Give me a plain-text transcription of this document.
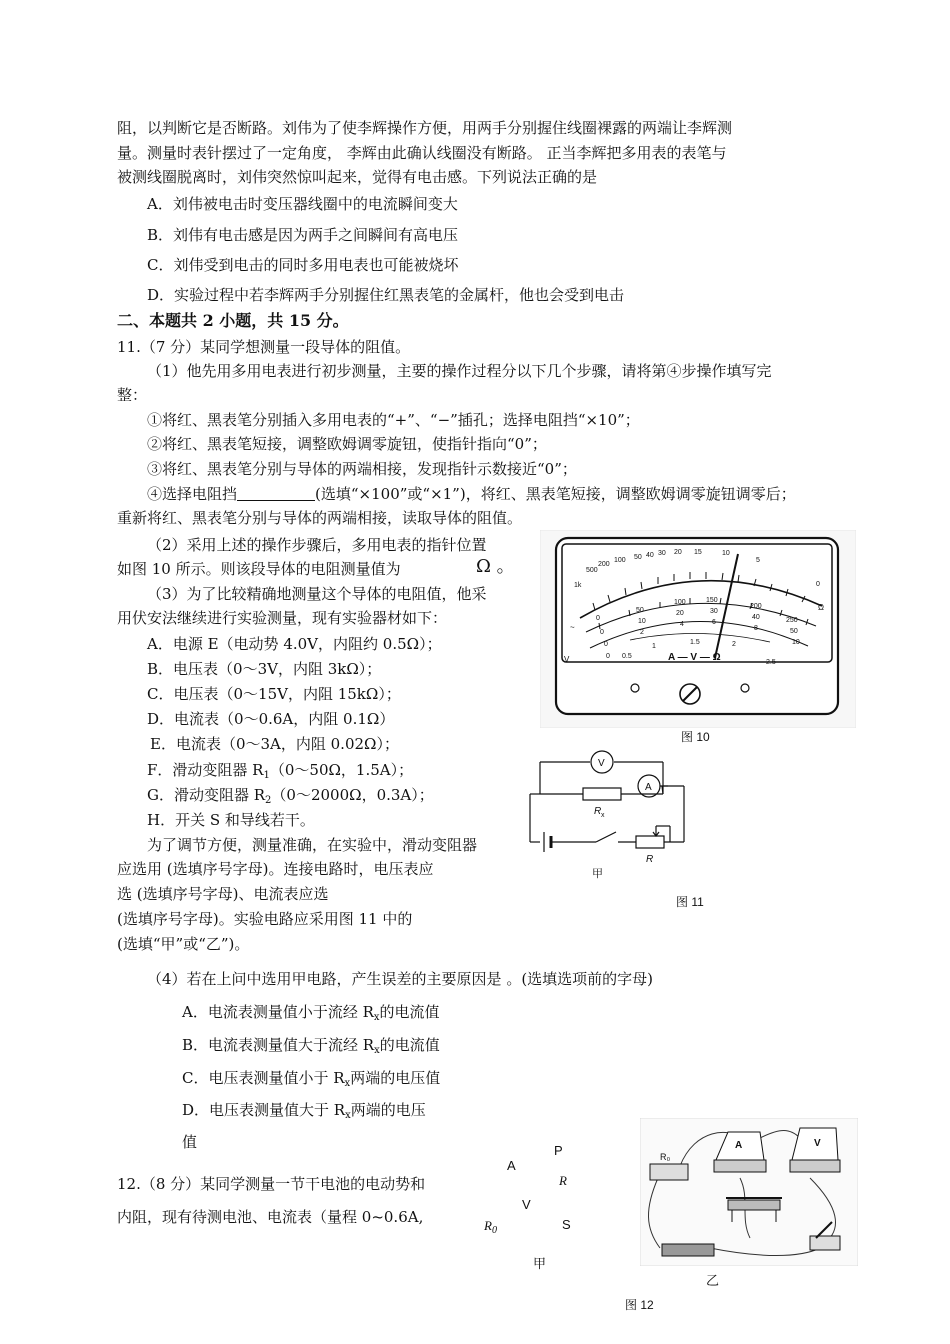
阻，以判断它是否断路。刘伟为了使李辉操作方便，用两手分别握住线圈裸露的两端让李辉测
量。测量时表针摆过了一定角度， 李辉由此确认线圈没有断路。 正当李辉把多用表的表笔与
被测线圈脱离时，刘伟突然惊叫起来，觉得有电击感。下列说法正确的是
A．刘伟被电击时变压器线圈中的电流瞬间变大
B．刘伟有电击感是因为两手之间瞬间有高电压
C．刘伟受到电击的同时多用电表也可能被烧坏
D．实验过程中若李辉两手分别握住红黑表笔的金属杆，他也会受到电击
二、本题共 2 小题，共 15 分。
11.（7 分）某同学想测量一段导体的阻值。
（1）他先用多用电表进行初步测量，主要的操作过程分以下几个步骤，请将第④步操作填写完
整：
①将红、黑表笔分别插入多用电表的“+”、“−”插孔；选择电阻挡“×10”；
②将红、黑表笔短接，调整欧姆调零旋钮，使指针指向“0”；
③将红、黑表笔分别与导体的两端相接，发现指针示数接近“0”；
④选择电阻挡	(选填“×100”或“×1”)，将红、黑表笔短接，调整欧姆调零旋钮调零后；
重新将红、黑表笔分别与导体的两端相接，读取导体的阻值。
（2）采用上述的操作步骤后，多用电表的指针位置
如图 10 所示。则该段导体的电阻测量值为	Ω 。
（3）为了比较精确地测量这个导体的电阻值，他采
用伏安法继续进行实验测量，现有实验器材如下：
A．电源 E（电动势 4.0V，内阻约 0.5Ω）；
B．电压表（0～3V，内阻 3kΩ）；
C．电压表（0～15V，内阻 15kΩ）；
D．电流表（0～0.6A，内阻 0.1Ω）
E．电流表（0～3A，内阻 0.02Ω）；
F．滑动变阻器 $R_1(0\sim 50\Omega$，1.5A）；
G．滑动变阻器 $R_2(0\sim 2000\Omega$，0.3A）；
H．开关 S 和导线若干。
为了调节方便，测量准确，在实验中，滑动变阻器
应选用 (选填序号字母)。连接电路时，电压表应
选 (选填序号字母)、电流表应选
(选填序号字母)。实验电路应采用图 11 中的
(选填“甲”或“乙”)。
（4）若在上问中选用甲电路，产生误差的主要原因是 。(选填选项前的字母)
A．电流表测量值小于流经 $R_x$的电流值
B．电流表测量值大于流经 $R_x$的电流值
C．电压表测量值小于 $R_x$两端的电压值
D．电压表测量值大于 $R_x$两端的电压
值
12.（8 分）某同学测量一节干电池的电动势和
内阻，现有待测电池、电流表（量程 0~0.6A,
1k
500
200
100 50 40 30 20 15	10
5
0
Ω
~
0
0
0
50
10
2
100
20
4
150
30
6
200
40
8
250
50
10
0 0.5
1
1.5	2
2.5
V	A — V — Ω
图 10
V
A
R x
R
甲
图 11
A
P
R
V
$R_0$	S
甲
R₀
A	V
乙
图 12
